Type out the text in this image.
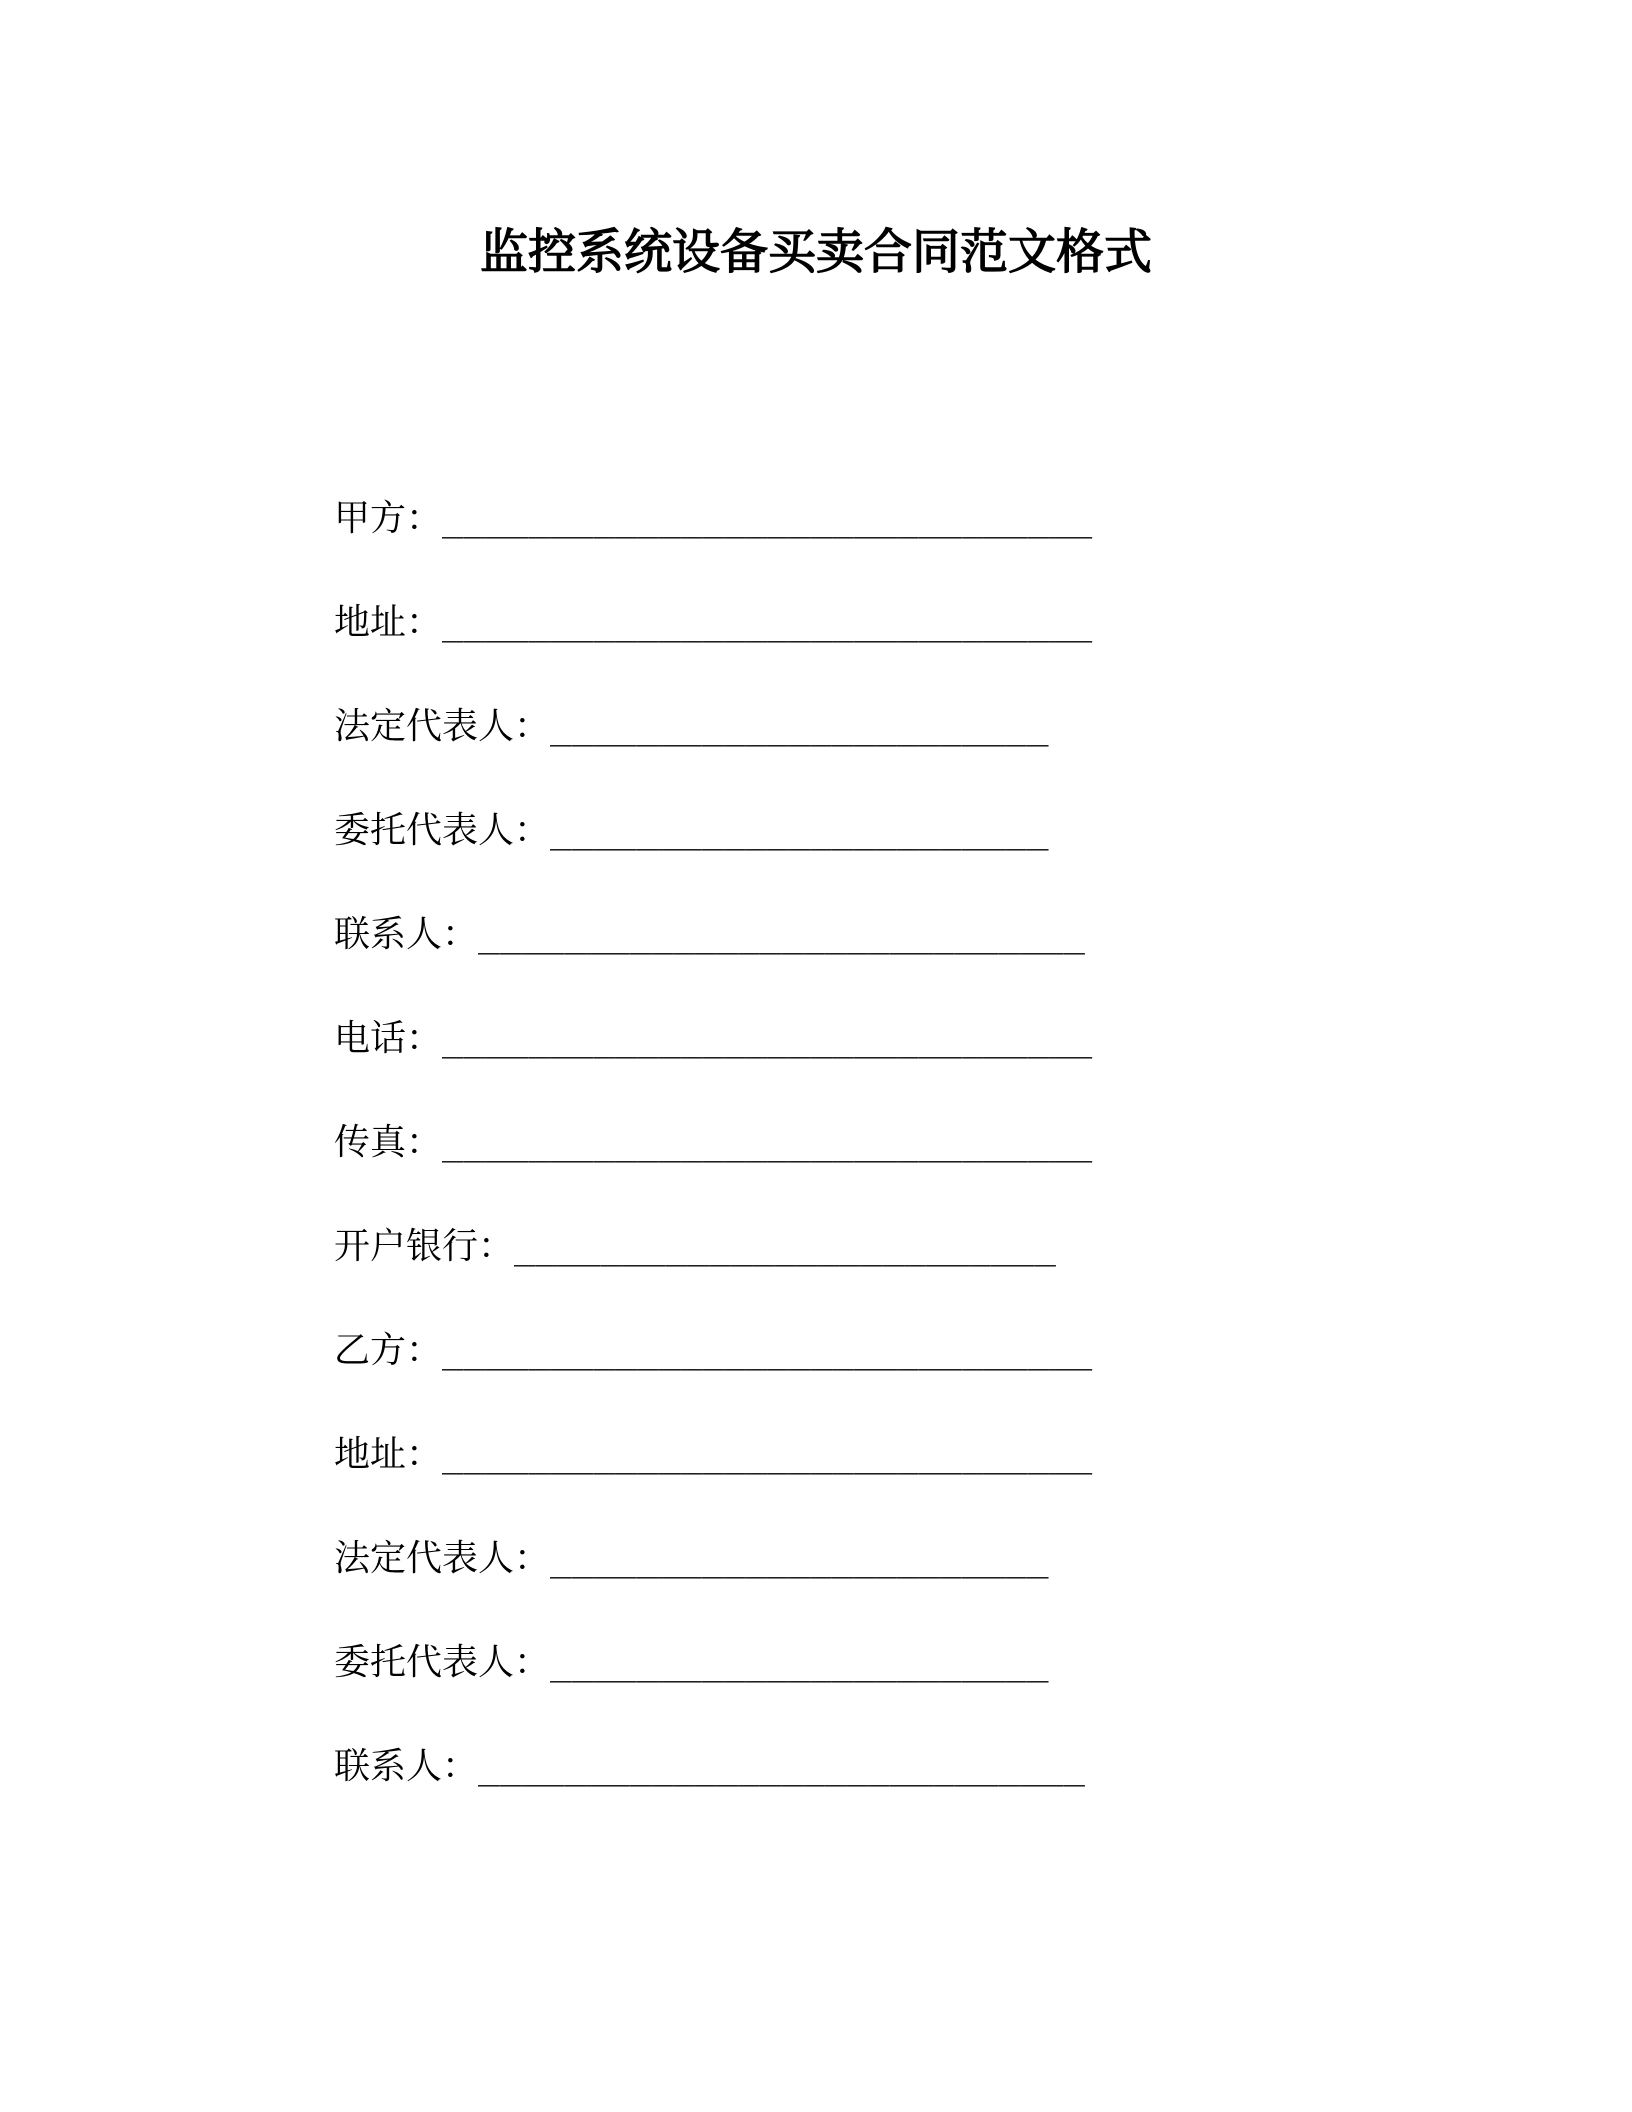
监控系统设备买卖合同范文格式
甲方： ______________________________
地址： ______________________________
法定代表人： _______________________
委托代表人： _______________________
联系人： ____________________________
电话： ______________________________
传真： ______________________________
开户银行： _________________________
乙方： ______________________________
地址： ______________________________
法定代表人： _______________________
委托代表人： _______________________
联系人： ____________________________
